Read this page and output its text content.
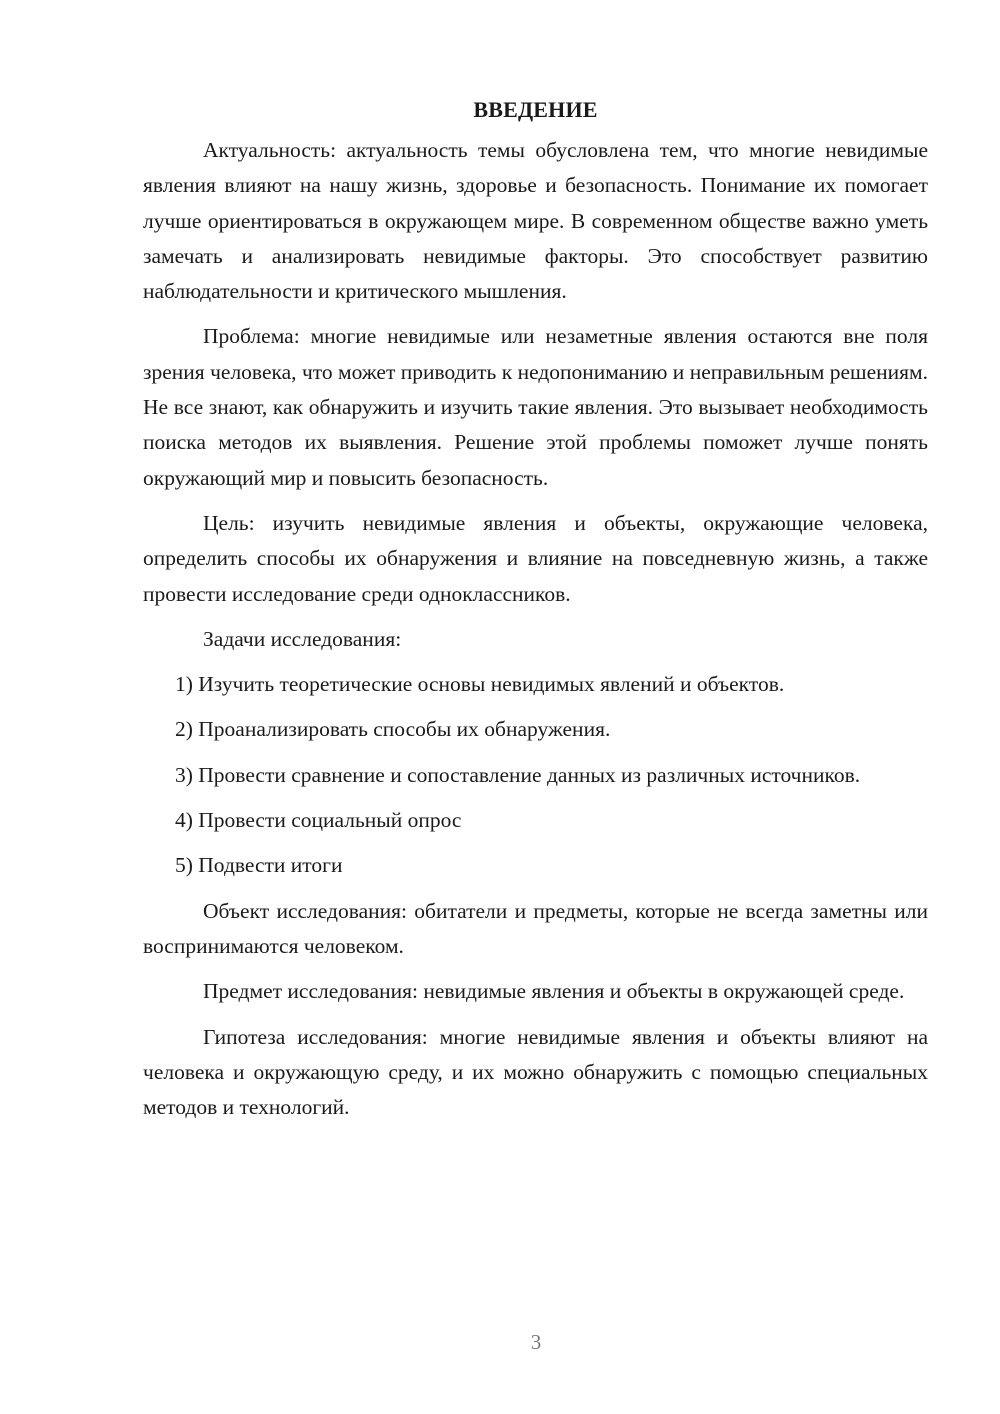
ВВЕДЕНИЕ

Актуальность: актуальность темы обусловлена тем, что многие невидимые явления влияют на нашу жизнь, здоровье и безопасность. Понимание их помогает лучше ориентироваться в окружающем мире. В современном обществе важно уметь замечать и анализировать невидимые факторы. Это способствует развитию наблюдательности и критического мышления.

Проблема: многие невидимые или незаметные явления остаются вне поля зрения человека, что может приводить к недопониманию и неправильным решениям. Не все знают, как обнаружить и изучить такие явления. Это вызывает необходимость поиска методов их выявления. Решение этой проблемы поможет лучше понять окружающий мир и повысить безопасность.

Цель: изучить невидимые явления и объекты, окружающие человека, определить способы их обнаружения и влияние на повседневную жизнь, а также провести исследование среди одноклассников.

Задачи исследования:

1) Изучить теоретические основы невидимых явлений и объектов.

2) Проанализировать способы их обнаружения.

3) Провести сравнение и сопоставление данных из различных источников.

4) Провести социальный опрос

5) Подвести итоги

Объект исследования: обитатели и предметы, которые не всегда заметны или воспринимаются человеком.

Предмет исследования: невидимые явления и объекты в окружающей среде.

Гипотеза исследования: многие невидимые явления и объекты влияют на человека и окружающую среду, и их можно обнаружить с помощью специальных методов и технологий.

3
